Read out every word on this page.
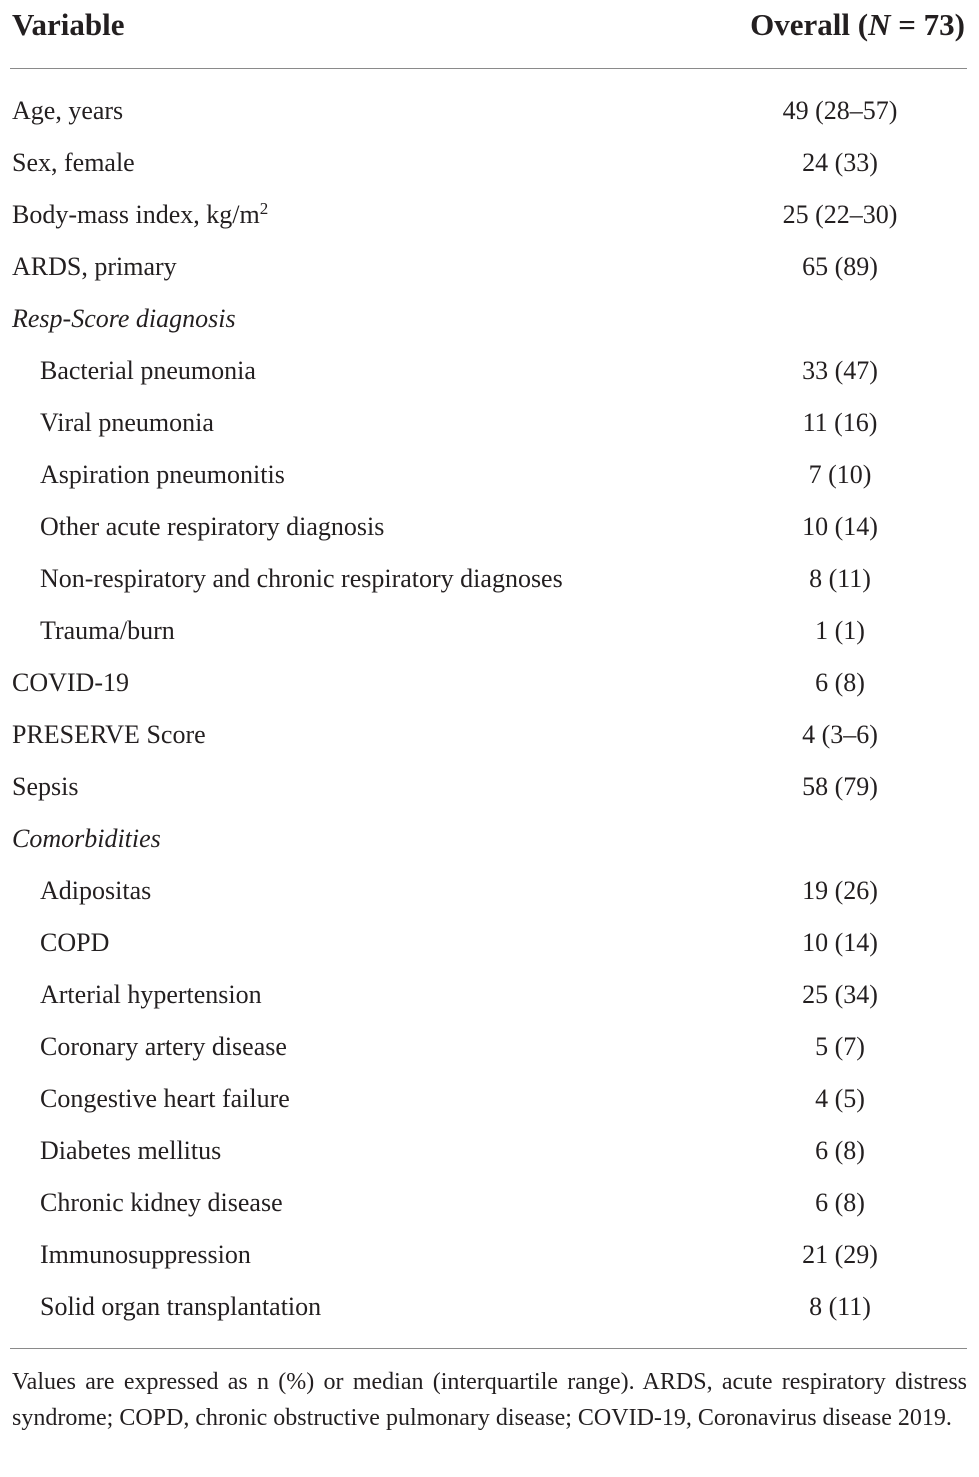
Variable	Overall (N = 73)
Age, years	49 (28–57)
Sex, female	24 (33)
Body-mass index, $kg/m^2$	25 (22–30)
ARDS, primary	65 (89)
Resp-Score diagnosis
Bacterial pneumonia	33 (47)
Viral pneumonia	11 (16)
Aspiration pneumonitis	7 (10)
Other acute respiratory diagnosis	10 (14)
Non-respiratory and chronic respiratory diagnoses	8 (11)
Trauma/burn	1 (1)
COVID-19	6 (8)
PRESERVE Score	4 (3–6)
Sepsis	58 (79)
Comorbidities
Adipositas	19 (26)
COPD	10 (14)
Arterial hypertension	25 (34)
Coronary artery disease	5 (7)
Congestive heart failure	4 (5)
Diabetes mellitus	6 (8)
Chronic kidney disease	6 (8)
Immunosuppression	21 (29)
Solid organ transplantation	8 (11)
Values are expressed as n (%) or median (interquartile range). ARDS, acute respiratory distress syndrome; COPD, chronic obstructive pulmonary disease; COVID-19, Coronavirus disease 2019.
